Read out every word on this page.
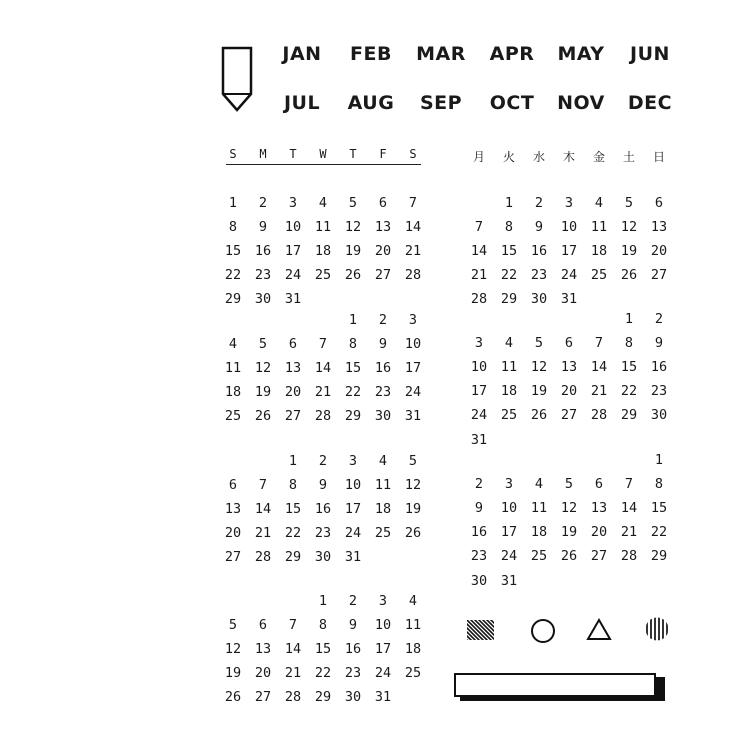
JAN FEB MAR APR MAY JUN
JUL AUG SEP OCT NOV DEC
S M T W T F S	月 火 水 木 金 土 日
1 2 3 4 5 6 7
8 9 10 11 12 13 14
15 16 17 18 19 20 21
22 23 24 25 26 27 28
29 30 31
1 2 3
4 5 6 7 8 9 10
11 12 13 14 15 16 17
18 19 20 21 22 23 24
25 26 27 28 29 30 31
1 2 3 4 5
6 7 8 9 10 11 12
13 14 15 16 17 18 19
20 21 22 23 24 25 26
27 28 29 30 31
1 2 3 4
5 6 7 8 9 10 11
12 13 14 15 16 17 18
19 20 21 22 23 24 25
26 27 28 29 30 31
1 2 3 4 5 6
7 8 9 10 11 12 13
14 15 16 17 18 19 20
21 22 23 24 25 26 27
28 29 30 31
1 2
3 4 5 6 7 8 9
10 11 12 13 14 15 16
17 18 19 20 21 22 23
24 25 26 27 28 29 30
31
1
2 3 4 5 6 7 8
9 10 11 12 13 14 15
16 17 18 19 20 21 22
23 24 25 26 27 28 29
30 31
